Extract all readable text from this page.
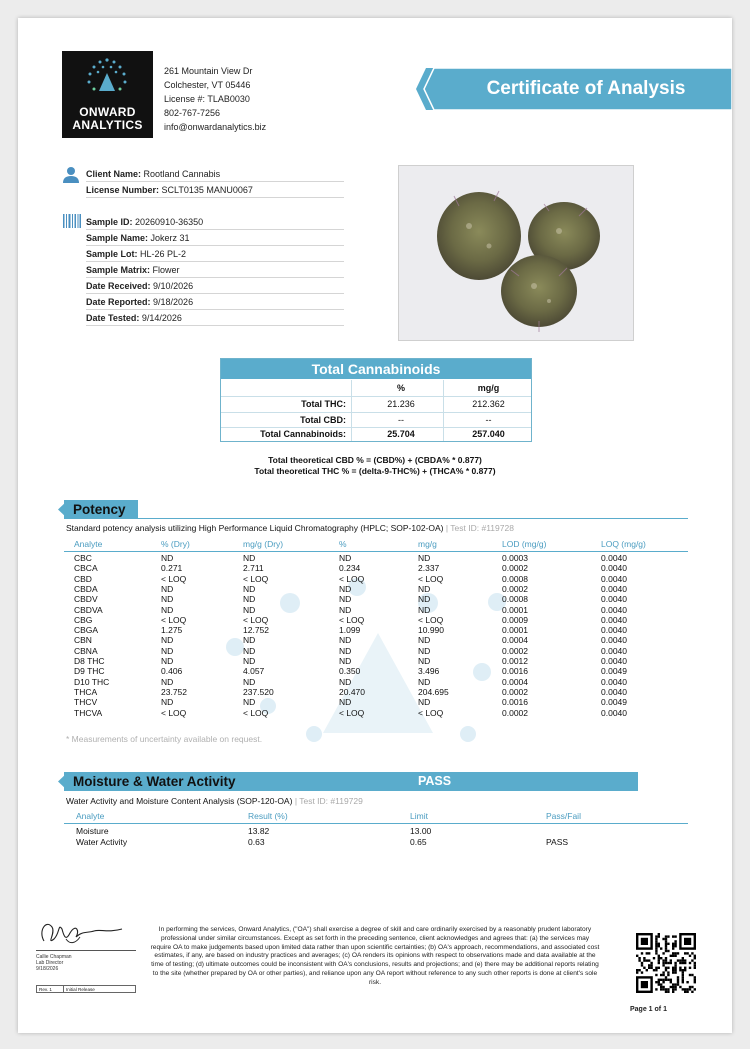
ONWARD
ANALYTICS
261 Mountain View Dr
Colchester, VT 05446
License #: TLAB0030
802-767-7256
info@onwardanalytics.biz
Certificate of Analysis
Client Name: Rootland Cannabis
License Number: SCLT0135 MANU0067
Sample ID: 20260910-36350
Sample Name: Jokerz 31
Sample Lot: HL-26 PL-2
Sample Matrix: Flower
Date Received: 9/10/2026
Date Reported: 9/18/2026
Date Tested: 9/14/2026
Total Cannabinoids
%	mg/g
Total THC:	21.236	212.362
Total CBD:	--	--
Total Cannabinoids:	25.704	257.040
Total theoretical CBD % = (CBD%) + (CBDA% * 0.877)
Total theoretical THC % = (delta-9-THC%) + (THCA% * 0.877)
Potency
Standard potency analysis utilizing High Performance Liquid Chromatography (HPLC; SOP-102-OA) | Test ID: #119728
Analyte	% (Dry)	mg/g (Dry)	%	mg/g	LOD (mg/g)	LOQ (mg/g)
CBC	ND	ND	ND	ND	0.0003	0.0040
CBCA	0.271	2.711	0.234	2.337	0.0002	0.0040
CBD	< LOQ	< LOQ	< LOQ	< LOQ	0.0008	0.0040
CBDA	ND	ND	ND	ND	0.0002	0.0040
CBDV	ND	ND	ND	ND	0.0008	0.0040
CBDVA	ND	ND	ND	ND	0.0001	0.0040
CBG	< LOQ	< LOQ	< LOQ	< LOQ	0.0009	0.0040
CBGA	1.275	12.752	1.099	10.990	0.0001	0.0040
CBN	ND	ND	ND	ND	0.0004	0.0040
CBNA	ND	ND	ND	ND	0.0002	0.0040
D8 THC	ND	ND	ND	ND	0.0012	0.0040
D9 THC	0.406	4.057	0.350	3.496	0.0016	0.0049
D10 THC	ND	ND	ND	ND	0.0004	0.0040
THCA	23.752	237.520	20.470	204.695	0.0002	0.0040
THCV	ND	ND	ND	ND	0.0016	0.0049
THCVA	< LOQ	< LOQ	< LOQ	< LOQ	0.0002	0.0040
* Measurements of uncertainty available on request.
Moisture & Water Activity	PASS
Water Activity and Moisture Content Analysis (SOP-120-OA) | Test ID: #119729
Analyte	Result (%)	Limit	Pass/Fail
Moisture	13.82	13.00
Water Activity	0.63	0.65	PASS
Callie Chapman
Lab Director
9/18/2026
Rev. 1	Initial Release
In performing the services, Onward Analytics, ("OA") shall exercise a degree of skill and care ordinarily exercised by a reasonably prudent laboratory professional under similar circumstances. Except as set forth in the preceding sentence, client acknowledges and agrees that: (a) the services may require OA to make judgements based upon limited data rather than upon scientific certainties; (b) OA's approach, recommendations, and associated cost estimates, if any, are based on industry practices and averages; (c) OA renders its opinions with respect to observations made and data available at the time of testing; (d) ultimate outcomes could be inconsistent with OA's conclusions, results and projections; and (e) there may be additional reports relating to the site (whether prepared by OA or other parties), and reliance upon any OA report without reference to any such other reports is done at client's sole risk.
Page 1 of 1
